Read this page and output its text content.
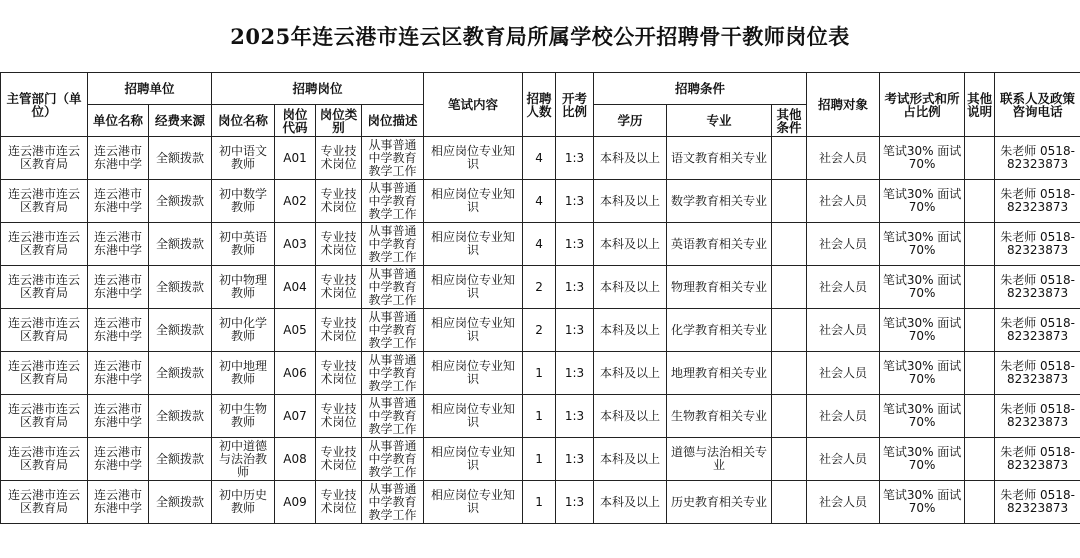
2025年连云港市连云区教育局所属学校公开招聘骨干教师岗位表
主管部门（单位）	招聘单位		招聘岗位				笔试内容	招聘人数	开考比例	招聘条件			招聘对象	考试形式和所占比例	其他说明	联系人及政策咨询电话
	单位名称	经费来源	岗位名称	岗位代码	岗位类别	岗位描述				学历	专业	其他条件				
连云港市连云区教育局	连云港市东港中学	全额拨款	初中语文教师	A01	专业技术岗位	从事普通中学教育教学工作	相应岗位专业知识	4	1:3	本科及以上	语文教育相关专业		社会人员	笔试30% 面试70%		朱老师 0518-82323873
连云港市连云区教育局	连云港市东港中学	全额拨款	初中数学教师	A02	专业技术岗位	从事普通中学教育教学工作	相应岗位专业知识	4	1:3	本科及以上	数学教育相关专业		社会人员	笔试30% 面试70%		朱老师 0518-82323873
连云港市连云区教育局	连云港市东港中学	全额拨款	初中英语教师	A03	专业技术岗位	从事普通中学教育教学工作	相应岗位专业知识	4	1:3	本科及以上	英语教育相关专业		社会人员	笔试30% 面试70%		朱老师 0518-82323873
连云港市连云区教育局	连云港市东港中学	全额拨款	初中物理教师	A04	专业技术岗位	从事普通中学教育教学工作	相应岗位专业知识	2	1:3	本科及以上	物理教育相关专业		社会人员	笔试30% 面试70%		朱老师 0518-82323873
连云港市连云区教育局	连云港市东港中学	全额拨款	初中化学教师	A05	专业技术岗位	从事普通中学教育教学工作	相应岗位专业知识	2	1:3	本科及以上	化学教育相关专业		社会人员	笔试30% 面试70%		朱老师 0518-82323873
连云港市连云区教育局	连云港市东港中学	全额拨款	初中地理教师	A06	专业技术岗位	从事普通中学教育教学工作	相应岗位专业知识	1	1:3	本科及以上	地理教育相关专业		社会人员	笔试30% 面试70%		朱老师 0518-82323873
连云港市连云区教育局	连云港市东港中学	全额拨款	初中生物教师	A07	专业技术岗位	从事普通中学教育教学工作	相应岗位专业知识	1	1:3	本科及以上	生物教育相关专业		社会人员	笔试30% 面试70%		朱老师 0518-82323873
连云港市连云区教育局	连云港市东港中学	全额拨款	初中道德与法治教师	A08	专业技术岗位	从事普通中学教育教学工作	相应岗位专业知识	1	1:3	本科及以上	道德与法治相关专业		社会人员	笔试30% 面试70%		朱老师 0518-82323873
连云港市连云区教育局	连云港市东港中学	全额拨款	初中历史教师	A09	专业技术岗位	从事普通中学教育教学工作	相应岗位专业知识	1	1:3	本科及以上	历史教育相关专业		社会人员	笔试30% 面试70%		朱老师 0518-82323873
